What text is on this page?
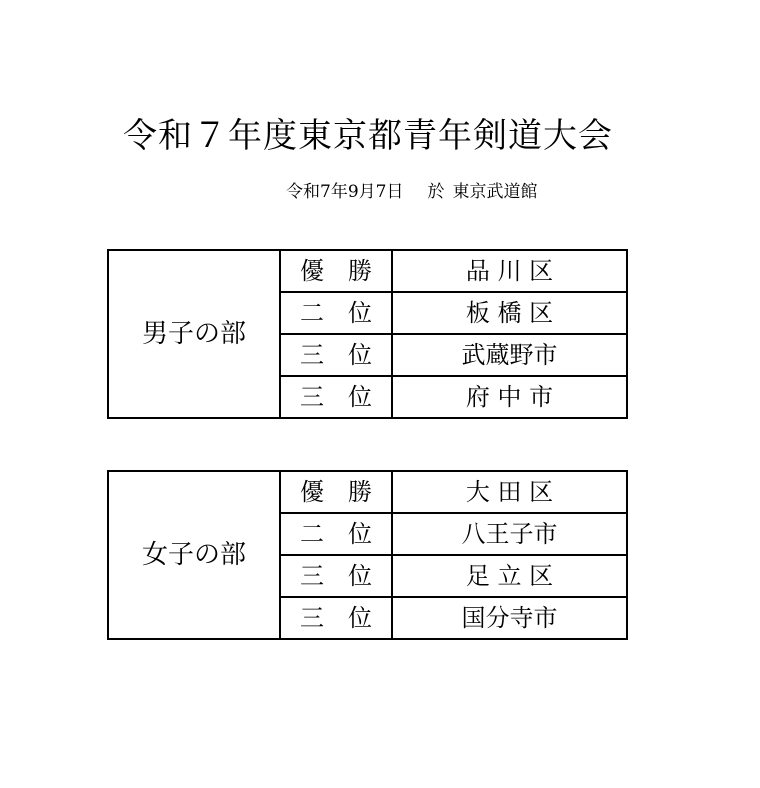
令和７年度東京都青年剣道大会
令和7年9月7日 於 東京武道館
男子の部	優　勝	品 川 区
	二　位	板 橋 区
	三　位	武蔵野市
	三　位	府 中 市
女子の部	優　勝	大 田 区
	二　位	八王子市
	三　位	足 立 区
	三　位	国分寺市
